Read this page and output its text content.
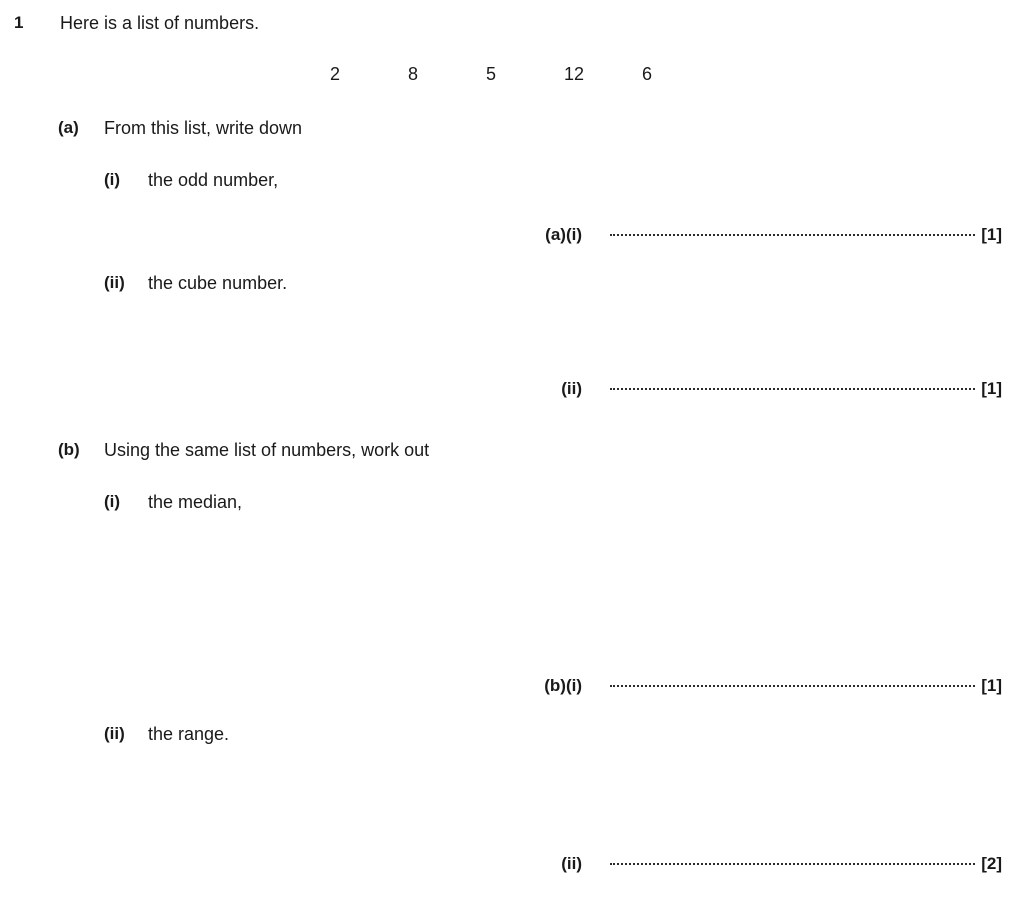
1 Here is a list of numbers.
2	8	5	12	6
(a) From this list, write down
(i)	the odd number,
(a)(i)	[1]
(ii)	the cube number.
(ii)	[1]
(b) Using the same list of numbers, work out
(i)	the median,
(b)(i)	[1]
(ii)	the range.
(ii)	[2]
